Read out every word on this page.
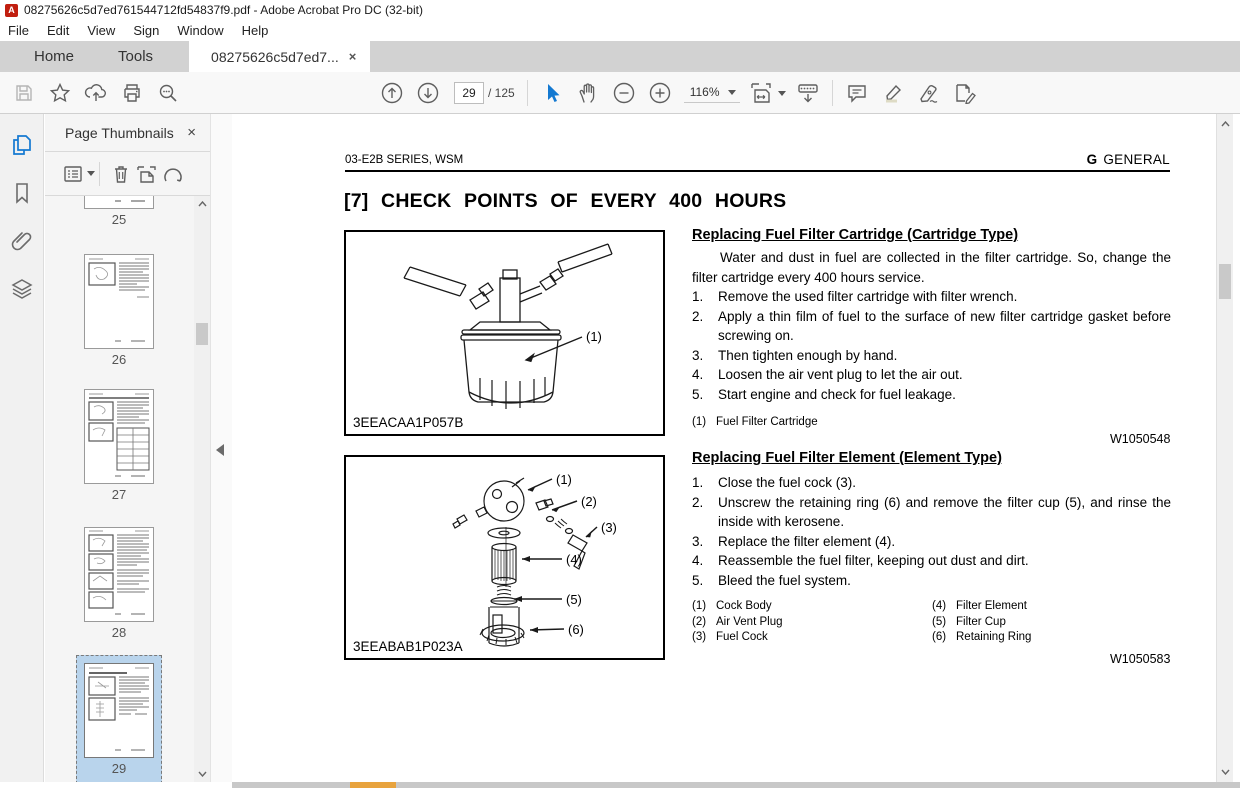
A 08275626c5d7ed761544712fd54837f9.pdf - Adobe Acrobat Pro DC (32-bit)
File Edit View Sign Window Help
Home	Tools	08275626c5d7ed7... ×
29	/ 125	116%
Page Thumbnails ×
25
26
27
28
29
03-E2B SERIES, WSM	G GENERAL
[7] CHECK POINTS OF EVERY 400 HOURS
(1)
3EEACAA1P057B
(1)
(2)
(3)
(4)
(5)
(6)
3EEABAB1P023A
Replacing Fuel Filter Cartridge (Cartridge Type)
Water and dust in fuel are collected in the filter cartridge. So, change the filter cartridge every 400 hours service.
1.	Remove the used filter cartridge with filter wrench.
2.	Apply a thin film of fuel to the surface of new filter cartridge gasket before screwing on.
3.	Then tighten enough by hand.
4.	Loosen the air vent plug to let the air out.
5.	Start engine and check for fuel leakage.
(1) Fuel Filter Cartridge
W1050548
Replacing Fuel Filter Element (Element Type)
1.	Close the fuel cock (3).
2.	Unscrew the retaining ring (6) and remove the filter cup (5), and rinse the inside with kerosene.
3.	Replace the filter element (4).
4.	Reassemble the fuel filter, keeping out dust and dirt.
5.	Bleed the fuel system.
(1) Cock Body
(2) Air Vent Plug
(3) Fuel Cock
(4) Filter Element
(5) Filter Cup
(6) Retaining Ring
W1050583
